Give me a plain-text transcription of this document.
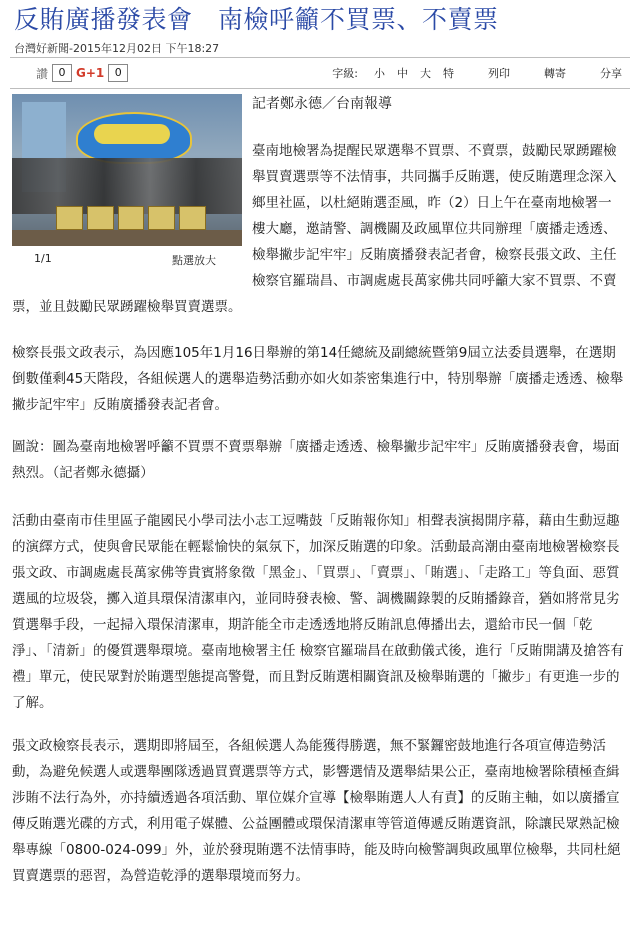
反賄廣播發表會　南檢呼籲不買票、不賣票
台灣好新聞-2015年12月02日 下午18:27
讚 0 G+1 0	字級: 小 中 大 特	列印	轉寄	分享
1/1	點選放大
記者鄭永德／台南報導
臺南地檢署為提醒民眾選舉不買票、不賣票，鼓勵民眾踴躍檢舉買賣選票等不法情事，共同攜手反賄選，使反賄選理念深入鄉里社區，以杜絕賄選歪風，昨（2）日上午在臺南地檢署一樓大廳，邀請警、調機關及政風單位共同辦理「廣播走透透、檢舉撇步記牢牢」反賄廣播發表記者會，檢察長張文政、主任檢察官羅瑞昌、市調處處長萬家佛共同呼籲大家不買票、不賣票，並且鼓勵民眾踴躍檢舉買賣選票。
檢察長張文政表示，為因應105年1月16日舉辦的第14任總統及副總統暨第9屆立法委員選舉，在選期倒數僅剩45天階段，各組候選人的選舉造勢活動亦如火如荼密集進行中，特別舉辦「廣播走透透、檢舉撇步記牢牢」反賄廣播發表記者會。
圖說：圖為臺南地檢署呼籲不買票不賣票舉辦「廣播走透透、檢舉撇步記牢牢」反賄廣播發表會，場面熱烈。（記者鄭永德攝）
活動由臺南市佳里區子龍國民小學司法小志工逗嘴鼓「反賄報你知」相聲表演揭開序幕，藉由生動逗趣的演繹方式，使與會民眾能在輕鬆愉快的氣氛下，加深反賄選的印象。活動最高潮由臺南地檢署檢察長張文政、市調處處長萬家佛等貴賓將象徵「黑金」、「買票」、「賣票」、「賄選」、「走路工」等負面、惡質選風的垃圾袋，擲入道具環保清潔車內，並同時發表檢、警、調機關錄製的反賄播錄音，猶如將常見劣質選舉手段，一起掃入環保清潔車，期許能全市走透透地將反賄訊息傳播出去，還給市民一個「乾淨」、「清新」的優質選舉環境。臺南地檢署主任 檢察官羅瑞昌在啟動儀式後，進行「反賄開講及搶答有禮」單元，使民眾對於賄選型態提高警覺，而且對反賄選相關資訊及檢舉賄選的「撇步」有更進一步的了解。
張文政檢察長表示，選期即將屆至，各組候選人為能獲得勝選，無不緊鑼密鼓地進行各項宣傳造勢活動，為避免候選人或選舉團隊透過買賣選票等方式，影響選情及選舉結果公正，臺南地檢署除積極查緝涉賄不法行為外，亦持續透過各項活動、單位媒介宣導【檢舉賄選人人有責】的反賄主軸，如以廣播宣傳反賄選光碟的方式，利用電子媒體、公益團體或環保清潔車等管道傳遞反賄選資訊，除讓民眾熟記檢舉專線「0800-024-099」外，並於發現賄選不法情事時，能及時向檢警調與政風單位檢舉，共同杜絕買賣選票的惡習，為營造乾淨的選舉環境而努力。
